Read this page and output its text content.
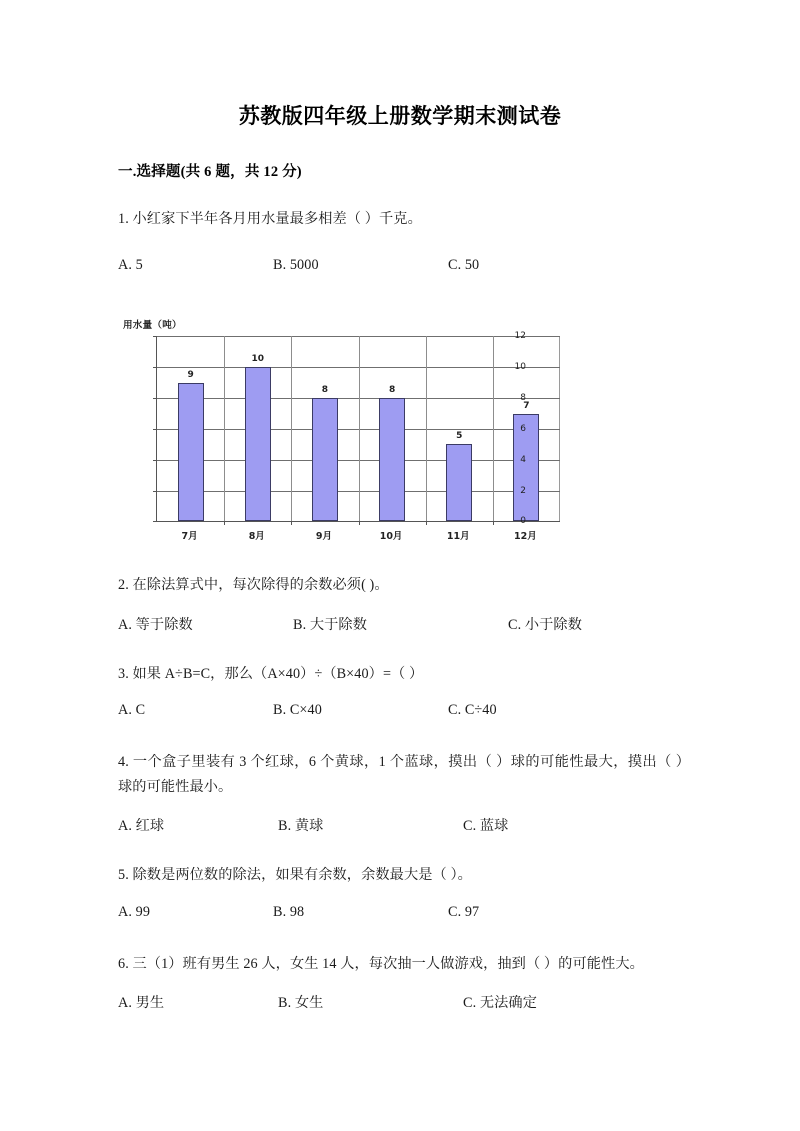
苏教版四年级上册数学期末测试卷
一.选择题(共 6 题，共 12 分)
1. 小红家下半年各月用水量最多相差（ ）千克。
A. 5	B. 5000	C. 50
用水量（吨）
9
10
8	8
5
7
0
2
4
6
8
10
12
7月	8月	9月	10月	11月	12月
2. 在除法算式中，每次除得的余数必须( )。
A. 等于除数	B. 大于除数	C. 小于除数
3. 如果 A÷B=C，那么（A×40）÷（B×40）=（ ）
A. C	B. C×40	C. C÷40
4. 一个盒子里装有 3 个红球，6 个黄球，1 个蓝球，摸出（ ）球的可能性最大，摸出（ ）球的可能性最小。
A. 红球	B. 黄球	C. 蓝球
5. 除数是两位数的除法，如果有余数，余数最大是（ ）。
A. 99	B. 98	C. 97
6. 三（1）班有男生 26 人，女生 14 人，每次抽一人做游戏，抽到（ ）的可能性大。
A. 男生	B. 女生	C. 无法确定
